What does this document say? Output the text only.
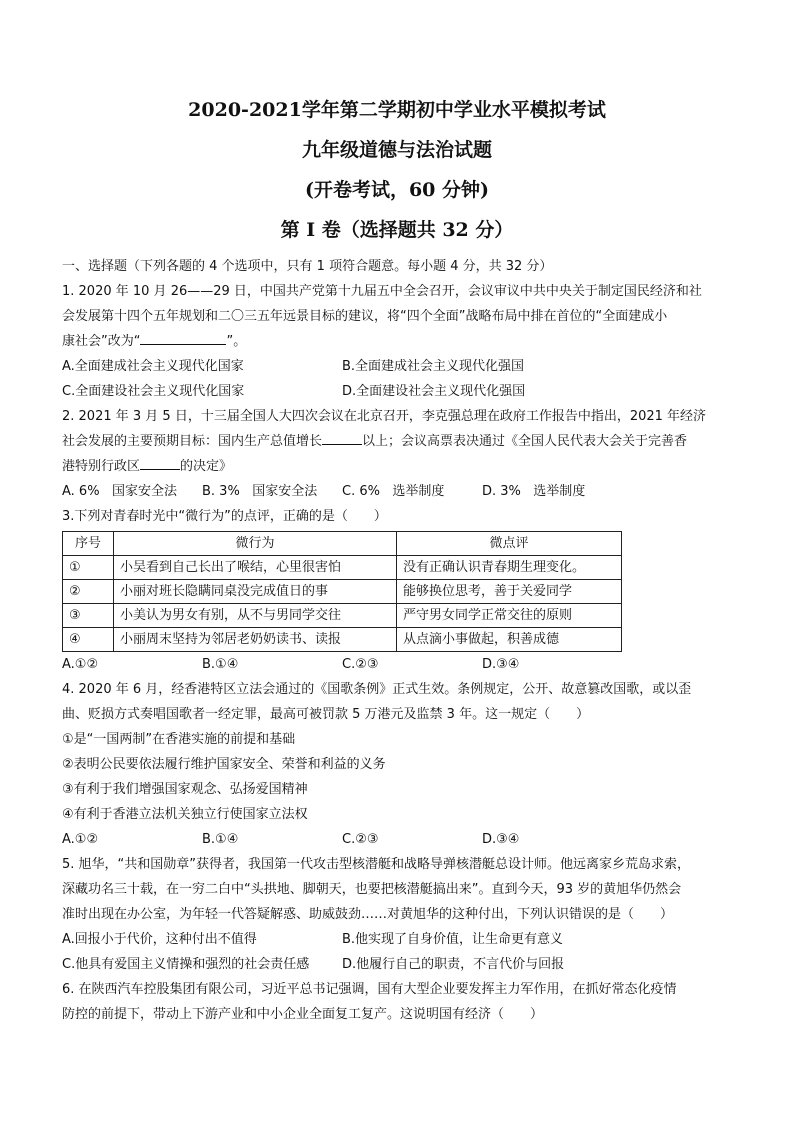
2020-2021学年第二学期初中学业水平模拟考试
九年级道德与法治试题
(开卷考试，60 分钟)
第 I 卷（选择题共 32 分）
一、选择题（下列各题的 4 个选项中，只有 1 项符合题意。每小题 4 分，共 32 分）
1. 2020 年 10 月 26——29 日，中国共产党第十九届五中全会召开，会议审议中共中央关于制定国民经济和社
会发展第十四个五年规划和二〇三五年远景目标的建议，将“四个全面”战略布局中排在首位的“全面建成小
康社会”改为“	”。
A.全面建成社会主义现代化国家	B.全面建成社会主义现代化强国
C.全面建设社会主义现代化国家	D.全面建设社会主义现代化强国
2. 2021 年 3 月 5 日，十三届全国人大四次会议在北京召开，李克强总理在政府工作报告中指出，2021 年经济
社会发展的主要预期目标：国内生产总值增长	以上；会议高票表决通过《全国人民代表大会关于完善香
港特别行政区	的决定》
A. 6%   国家安全法	B. 3%   国家安全法	C. 6%   选举制度	D. 3%   选举制度
3.下列对青春时光中“微行为”的点评，正确的是（　　）
序号	微行为	微点评
①	小吴看到自己长出了喉结，心里很害怕	没有正确认识青春期生理变化。
②	小丽对班长隐瞒同桌没完成值日的事	能够换位思考，善于关爱同学
③	小美认为男女有别，从不与男同学交往	严守男女同学正常交往的原则
④	小丽周末坚持为邻居老奶奶读书、读报	从点滴小事做起，积善成德
A.①②	B.①④	C.②③	D.③④
4. 2020 年 6 月，经香港特区立法会通过的《国歌条例》正式生效。条例规定，公开、故意篡改国歌，或以歪
曲、贬损方式奏唱国歌者一经定罪，最高可被罚款 5 万港元及监禁 3 年。这一规定（　　）
①是“一国两制”在香港实施的前提和基础
②表明公民要依法履行维护国家安全、荣誉和利益的义务
③有利于我们增强国家观念、弘扬爱国精神
④有利于香港立法机关独立行使国家立法权
A.①②	B.①④	C.②③	D.③④
5. 旭华，“共和国勋章”获得者，我国第一代攻击型核潜艇和战略导弹核潜艇总设计师。他远离家乡荒岛求索，
深藏功名三十载，在一穷二白中“头拱地、脚朝天，也要把核潜艇搞出来”。直到今天，93 岁的黄旭华仍然会
准时出现在办公室，为年轻一代答疑解惑、助威鼓劲……对黄旭华的这种付出，下列认识错误的是（　　）
A.回报小于代价，这种付出不值得	B.他实现了自身价值，让生命更有意义
C.他具有爱国主义情操和强烈的社会责任感	D.他履行自己的职责，不言代价与回报
6. 在陕西汽车控股集团有限公司，习近平总书记强调，国有大型企业要发挥主力军作用，在抓好常态化疫情
防控的前提下，带动上下游产业和中小企业全面复工复产。这说明国有经济（　　）
